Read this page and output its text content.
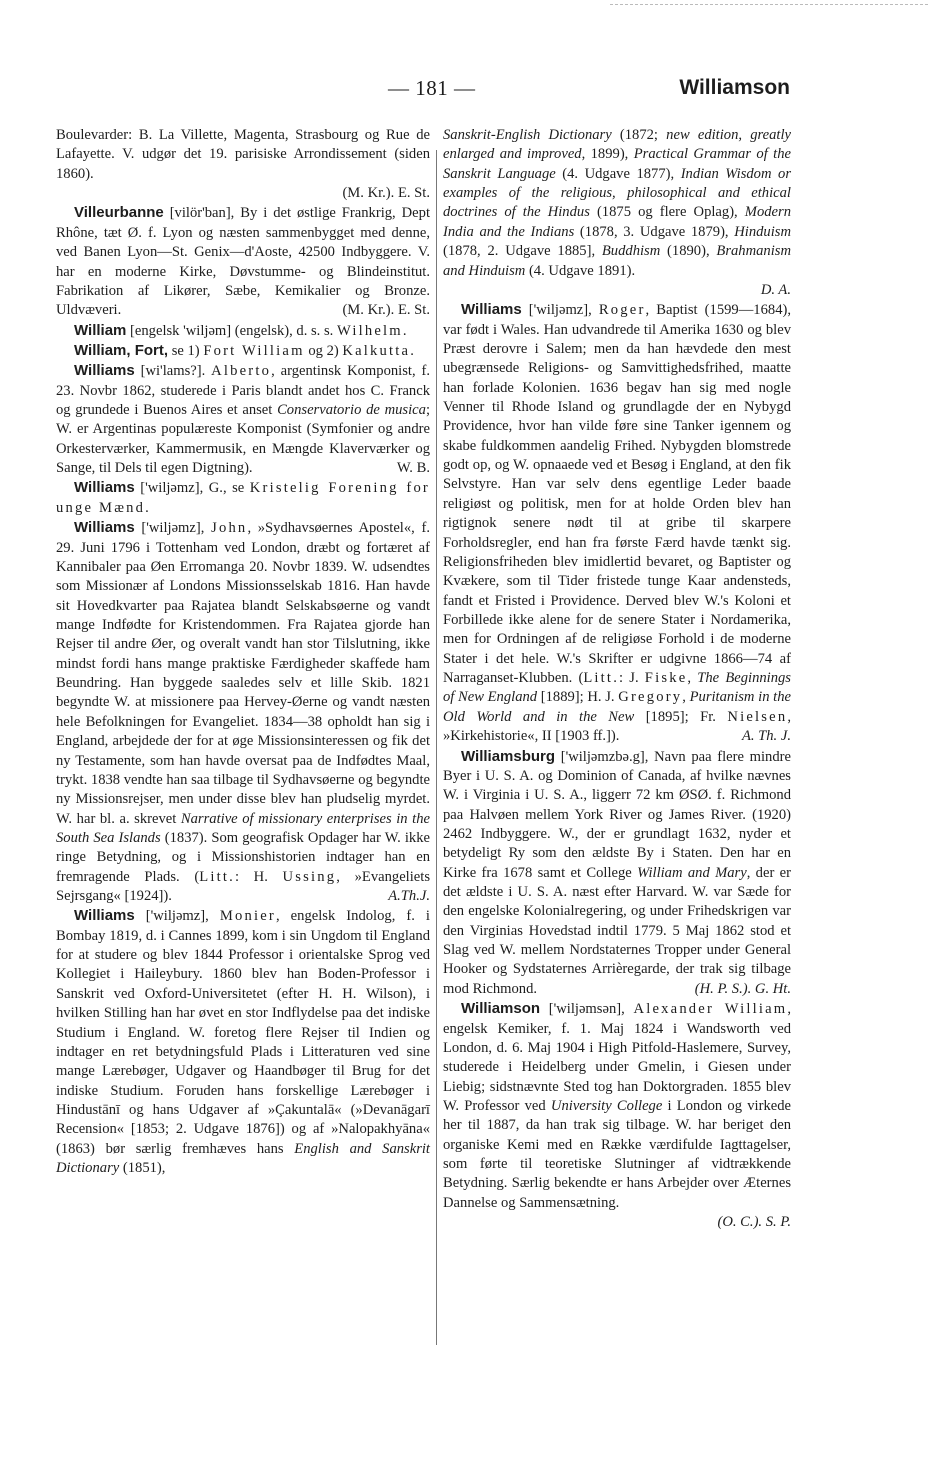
— 181 —	Williamson

Boulevarder: B. La Villette, Magenta, Strasbourg og Rue de Lafayette. V. udgør det 19. parisiske Arrondissement (siden 1860).
(M. Kr.). E. St.

Villeurbanne [vilör'ban], By i det østlige Frankrig, Dept Rhône, tæt Ø. f. Lyon og næsten sammenbygget med denne, ved Banen Lyon—St. Genix—d'Aoste, 42500 Indbyggere. V. har en moderne Kirke, Døvstumme- og Blindeinstitut. Fabrikation af Likører, Sæbe, Kemikalier og Bronze. Uldvæveri.	(M. Kr.). E. St.

William [engelsk 'wiljəm] (engelsk), d. s. s. Wilhelm.

William, Fort, se 1) Fort William og 2) Kalkutta.

Williams [wi'lams?]. Alberto, argentinsk Komponist, f. 23. Novbr 1862, studerede i Paris blandt andet hos C. Franck og grundede i Buenos Aires et anset Conservatorio de musica; W. er Argentinas populæreste Komponist (Symfonier og andre Orkesterværker, Kammermusik, en Mængde Klaverværker og Sange, til Dels til egen Digtning).	W. B.

Williams ['wiljəmz], G., se Kristelig Forening for unge Mænd.

Williams ['wiljəmz], John, »Sydhavsøernes Apostel«, f. 29. Juni 1796 i Tottenham ved London, dræbt og fortæret af Kannibaler paa Øen Erromanga 20. Novbr 1839. W. udsendtes som Missionær af Londons Missionsselskab 1816. Han havde sit Hovedkvarter paa Rajatea blandt Selskabsøerne og vandt mange Indfødte for Kristendommen. Fra Rajatea gjorde han Rejser til andre Øer, og overalt vandt han stor Tilslutning, ikke mindst fordi hans mange praktiske Færdigheder skaffede ham Beundring. Han byggede saaledes selv et lille Skib. 1821 begyndte W. at missionere paa Hervey-Øerne og vandt næsten hele Befolkningen for Evangeliet. 1834—38 opholdt han sig i England, arbejdede der for at øge Missionsinteressen og fik det ny Testamente, som han havde oversat paa de Indfødtes Maal, trykt. 1838 vendte han saa tilbage til Sydhavsøerne og begyndte ny Missionsrejser, men under disse blev han pludselig myrdet. W. har bl. a. skrevet Narrative of missionary enterprises in the South Sea Islands (1837). Som geografisk Opdager har W. ikke ringe Betydning, og i Missionshistorien indtager han en fremragende Plads. (Litt.: H. Ussing, »Evangeliets Sejrsgang« [1924]).	A.Th.J.

Williams ['wiljəmz], Monier, engelsk Indolog, f. i Bombay 1819, d. i Cannes 1899, kom i sin Ungdom til England for at studere og blev 1844 Professor i orientalske Sprog ved Kollegiet i Haileybury. 1860 blev han Boden-Professor i Sanskrit ved Oxford-Universitetet (efter H. H. Wilson), i hvilken Stilling han har øvet en stor Indflydelse paa det indiske Studium i England. W. foretog flere Rejser til Indien og indtager en ret betydningsfuld Plads i Litteraturen ved sine mange Lærebøger, Udgaver og Haandbøger til Brug for det indiske Studium. Foruden hans forskellige Lærebøger i Hindustānī og hans Udgaver af »Çakuntalā« (»Devanāgarī Recension« [1853; 2. Udgave 1876]) og af »Nalopakhyāna« (1863) bør særlig fremhæves hans English and Sanskrit Dictionary (1851),

Sanskrit-English Dictionary (1872; new edition, greatly enlarged and improved, 1899), Practical Grammar of the Sanskrit Language (4. Udgave 1877), Indian Wisdom or examples of the religious, philosophical and ethical doctrines of the Hindus (1875 og flere Oplag), Modern India and the Indians (1878, 3. Udgave 1879), Hinduism (1878, 2. Udgave 1885], Buddhism (1890), Brahmanism and Hinduism (4. Udgave 1891).
D. A.

Williams ['wiljəmz], Roger, Baptist (1599—1684), var født i Wales. Han udvandrede til Amerika 1630 og blev Præst derovre i Salem; men da han hævdede den mest ubegrænsede Religions- og Samvittighedsfrihed, maatte han forlade Kolonien. 1636 begav han sig med nogle Venner til Rhode Island og grundlagde der en Nybygd Providence, hvor han vilde føre sine Tanker igennem og skabe fuldkommen aandelig Frihed. Nybygden blomstrede godt op, og W. opnaaede ved et Besøg i England, at den fik Selvstyre. Han var selv dens egentlige Leder baade religiøst og politisk, men for at holde Orden blev han rigtignok senere nødt til at gribe til skarpere Forholdsregler, end han fra første Færd havde tænkt sig. Religionsfriheden blev imidlertid bevaret, og Baptister og Kvækere, som til Tider fristede tunge Kaar andensteds, fandt et Fristed i Providence. Derved blev W.'s Koloni et Forbillede ikke alene for de senere Stater i Nordamerika, men for Ordningen af de religiøse Forhold i de moderne Stater i det hele. W.'s Skrifter er udgivne 1866—74 af Narraganset-Klubben. (Litt.: J. Fiske, The Beginnings of New England [1889]; H. J. Gregory, Puritanism in the Old World and in the New [1895]; Fr. Nielsen, »Kirkehistorie«, II [1903 ff.]).	A. Th. J.

Williamsburg ['wiljəmzbə.g], Navn paa flere mindre Byer i U. S. A. og Dominion of Canada, af hvilke nævnes W. i Virginia i U. S. A., liggerr 72 km ØSØ. f. Richmond paa Halvøen mellem York River og James River. (1920) 2462 Indbyggere. W., der er grundlagt 1632, nyder et betydeligt Ry som den ældste By i Staten. Den har en Kirke fra 1678 samt et College William and Mary, der er det ældste i U. S. A. næst efter Harvard. W. var Sæde for den engelske Kolonialregering, og under Frihedskrigen var den Virginias Hovedstad indtil 1779. 5 Maj 1862 stod et Slag ved W. mellem Nordstaternes Tropper under General Hooker og Sydstaternes Arrièregarde, der trak sig tilbage mod Richmond.	(H. P. S.). G. Ht.

Williamson ['wiljəmsən], Alexander William, engelsk Kemiker, f. 1. Maj 1824 i Wandsworth ved London, d. 6. Maj 1904 i High Pitfold-Haslemere, Survey, studerede i Heidelberg under Gmelin, i Giesen under Liebig; sidstnævnte Sted tog han Doktorgraden. 1855 blev W. Professor ved University College i London og virkede her til 1887, da han trak sig tilbage. W. har beriget den organiske Kemi med en Række værdifulde Iagttagelser, som førte til teoretiske Slutninger af vidtrækkende Betydning. Særlig bekendte er hans Arbejder over Æternes Dannelse og Sammensætning.
(O. C.). S. P.
